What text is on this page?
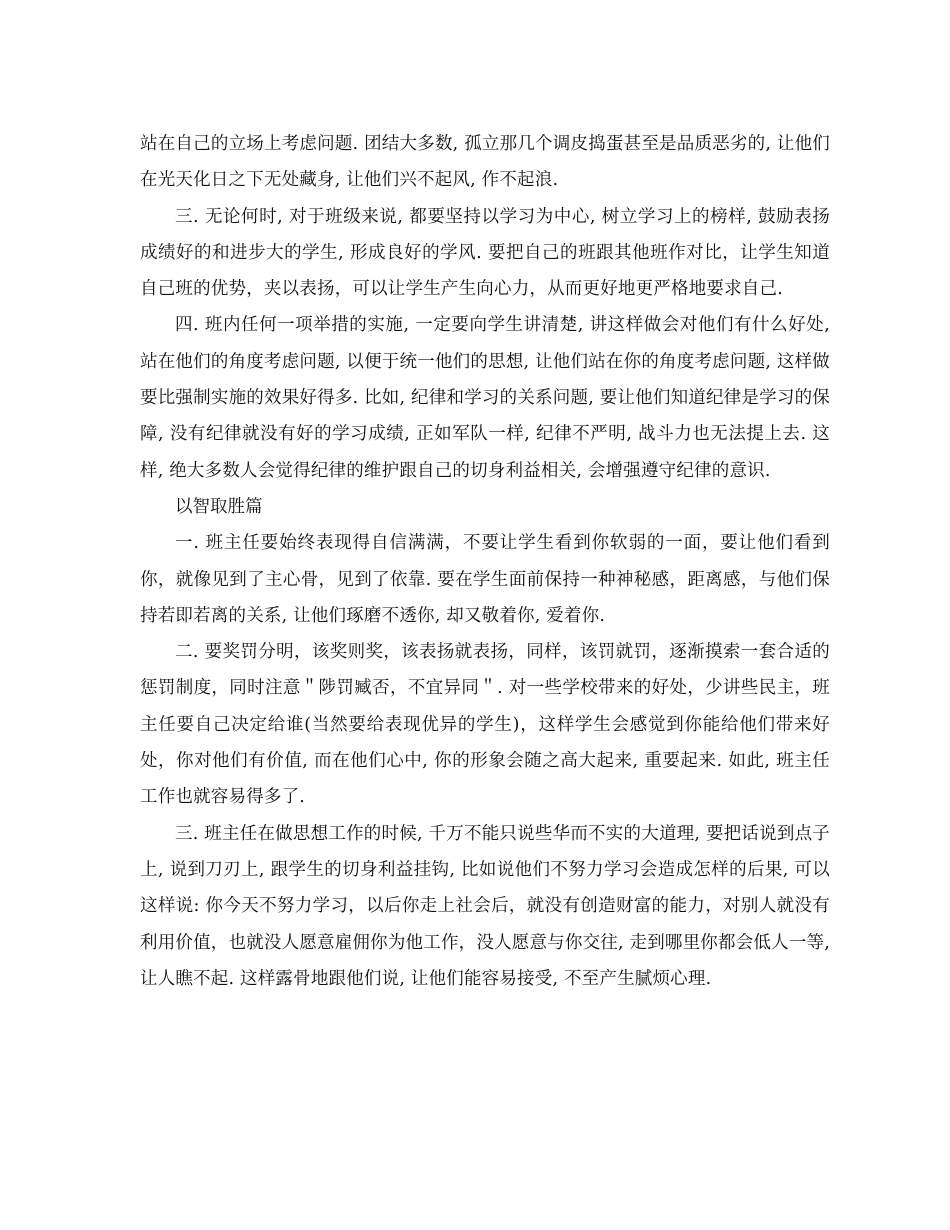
站在自己的立场上考虑问题. 团结大多数, 孤立那几个调皮捣蛋甚至是品质恶劣的, 让他们在光天化日之下无处藏身, 让他们兴不起风, 作不起浪.

三. 无论何时, 对于班级来说, 都要坚持以学习为中心, 树立学习上的榜样, 鼓励表扬成绩好的和进步大的学生, 形成良好的学风. 要把自己的班跟其他班作对比，让学生知道自己班的优势，夹以表扬，可以让学生产生向心力，从而更好地更严格地要求自己.

四. 班内任何一项举措的实施, 一定要向学生讲清楚, 讲这样做会对他们有什么好处, 站在他们的角度考虑问题, 以便于统一他们的思想, 让他们站在你的角度考虑问题, 这样做要比强制实施的效果好得多. 比如, 纪律和学习的关系问题, 要让他们知道纪律是学习的保障, 没有纪律就没有好的学习成绩, 正如军队一样, 纪律不严明, 战斗力也无法提上去. 这样, 绝大多数人会觉得纪律的维护跟自己的切身利益相关, 会增强遵守纪律的意识.

以智取胜篇

一. 班主任要始终表现得自信满满，不要让学生看到你软弱的一面，要让他们看到你，就像见到了主心骨，见到了依靠. 要在学生面前保持一种神秘感，距离感，与他们保持若即若离的关系, 让他们琢磨不透你, 却又敬着你, 爱着你.

二. 要奖罚分明，该奖则奖，该表扬就表扬，同样，该罚就罚，逐渐摸索一套合适的惩罚制度，同时注意＂陟罚臧否，不宜异同＂. 对一些学校带来的好处，少讲些民主，班主任要自己决定给谁(当然要给表现优异的学生)，这样学生会感觉到你能给他们带来好处，你对他们有价值, 而在他们心中, 你的形象会随之高大起来, 重要起来. 如此, 班主任工作也就容易得多了.

三. 班主任在做思想工作的时候, 千万不能只说些华而不实的大道理, 要把话说到点子上, 说到刀刃上, 跟学生的切身利益挂钩, 比如说他们不努力学习会造成怎样的后果, 可以这样说: 你今天不努力学习，以后你走上社会后，就没有创造财富的能力，对别人就没有利用价值，也就没人愿意雇佣你为他工作，没人愿意与你交往, 走到哪里你都会低人一等, 让人瞧不起. 这样露骨地跟他们说, 让他们能容易接受, 不至产生腻烦心理.
